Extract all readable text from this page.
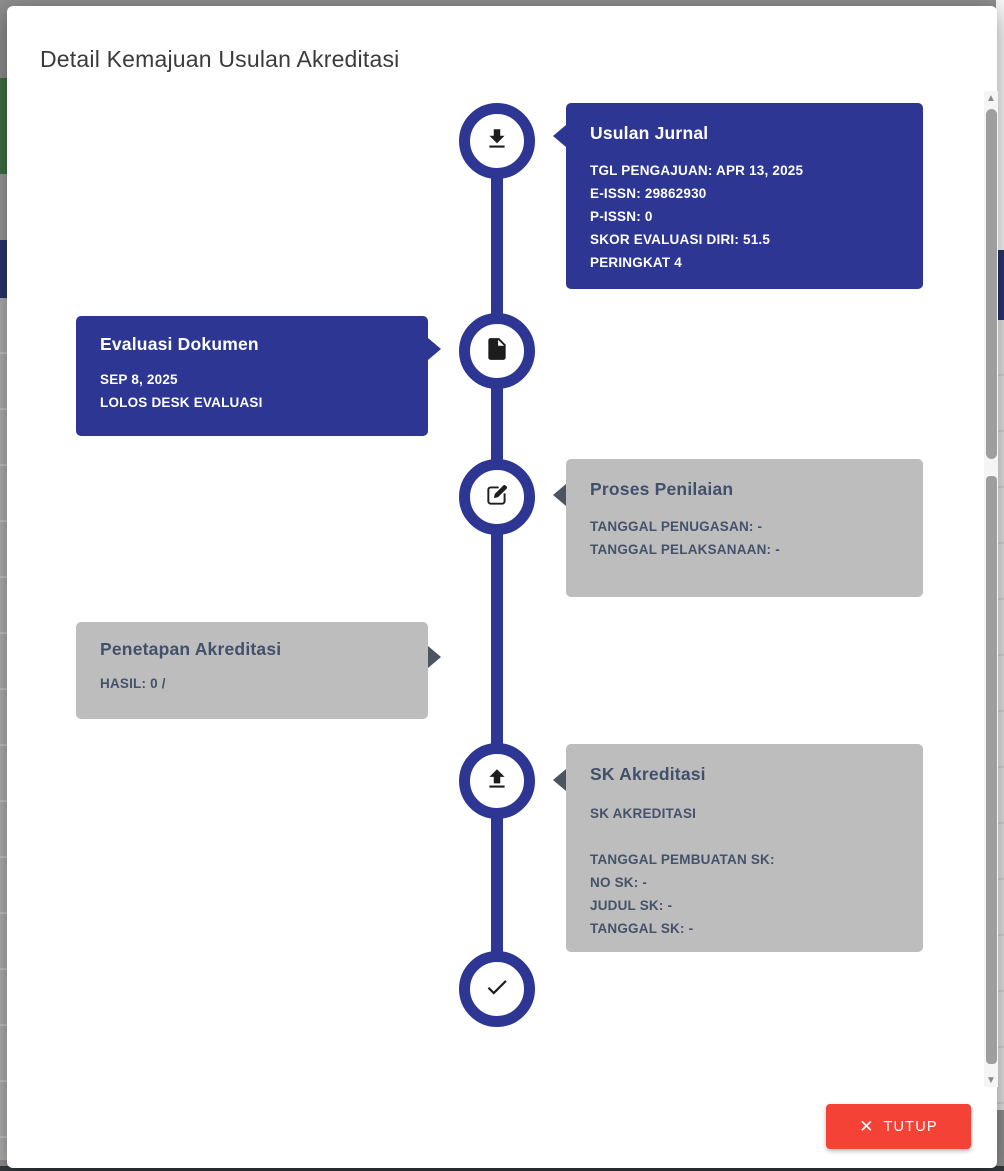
Detail Kemajuan Usulan Akreditasi
Usulan Jurnal
TGL PENGAJUAN: APR 13, 2025
E-ISSN: 29862930
P-ISSN: 0
SKOR EVALUASI DIRI: 51.5
PERINGKAT 4
Evaluasi Dokumen
SEP 8, 2025
LOLOS DESK EVALUASI
Proses Penilaian
TANGGAL PENUGASAN: -
TANGGAL PELAKSANAAN: -
Penetapan Akreditasi
HASIL: 0 /
SK Akreditasi
SK AKREDITASI
TANGGAL PEMBUATAN SK:
NO SK: -
JUDUL SK: -
TANGGAL SK: -
▲
▼
✕ TUTUP
